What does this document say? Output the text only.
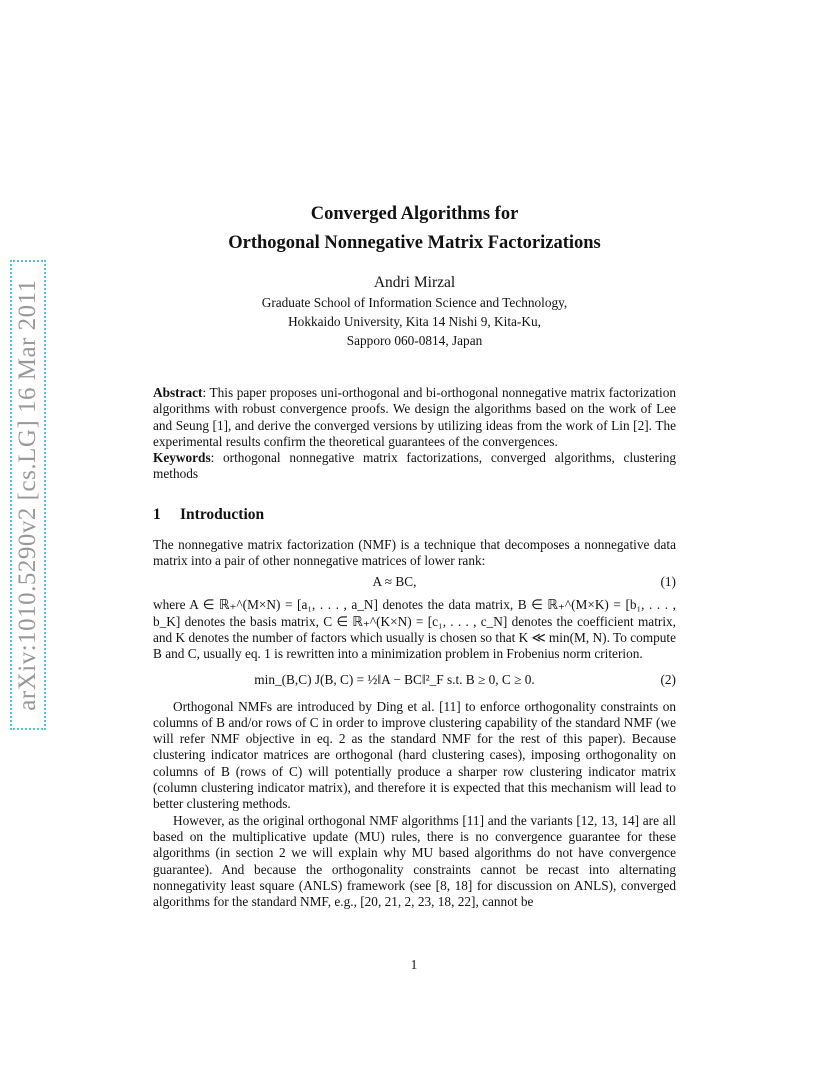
arXiv:1010.5290v2 [cs.LG] 16 Mar 2011
Converged Algorithms for
Orthogonal Nonnegative Matrix Factorizations
Andri Mirzal
Graduate School of Information Science and Technology,
Hokkaido University, Kita 14 Nishi 9, Kita-Ku,
Sapporo 060-0814, Japan
Abstract: This paper proposes uni-orthogonal and bi-orthogonal nonnegative matrix factorization algorithms with robust convergence proofs. We design the algorithms based on the work of Lee and Seung [1], and derive the converged versions by utilizing ideas from the work of Lin [2]. The experimental results confirm the theoretical guarantees of the convergences.
Keywords: orthogonal nonnegative matrix factorizations, converged algorithms, clustering methods
1 Introduction
The nonnegative matrix factorization (NMF) is a technique that decomposes a nonnegative data matrix into a pair of other nonnegative matrices of lower rank:
A ≈ BC,	(1)
where A ∈ ℝ₊^(M×N) = [a₁, . . . , a_N] denotes the data matrix, B ∈ ℝ₊^(M×K) = [b₁, . . . , b_K] denotes the basis matrix, C ∈ ℝ₊^(K×N) = [c₁, . . . , c_N] denotes the coefficient matrix, and K denotes the number of factors which usually is chosen so that K ≪ min(M, N). To compute B and C, usually eq. 1 is rewritten into a minimization problem in Frobenius norm criterion.
min_(B,C) J(B, C) = ½‖A − BC‖²_F s.t. B ≥ 0, C ≥ 0.	(2)
Orthogonal NMFs are introduced by Ding et al. [11] to enforce orthogonality constraints on columns of B and/or rows of C in order to improve clustering capability of the standard NMF (we will refer NMF objective in eq. 2 as the standard NMF for the rest of this paper). Because clustering indicator matrices are orthogonal (hard clustering cases), imposing orthogonality on columns of B (rows of C) will potentially produce a sharper row clustering indicator matrix (column clustering indicator matrix), and therefore it is expected that this mechanism will lead to better clustering methods.
However, as the original orthogonal NMF algorithms [11] and the variants [12, 13, 14] are all based on the multiplicative update (MU) rules, there is no convergence guarantee for these algorithms (in section 2 we will explain why MU based algorithms do not have convergence guarantee). And because the orthogonality constraints cannot be recast into alternating nonnegativity least square (ANLS) framework (see [8, 18] for discussion on ANLS), converged algorithms for the standard NMF, e.g., [20, 21, 2, 23, 18, 22], cannot be
1
